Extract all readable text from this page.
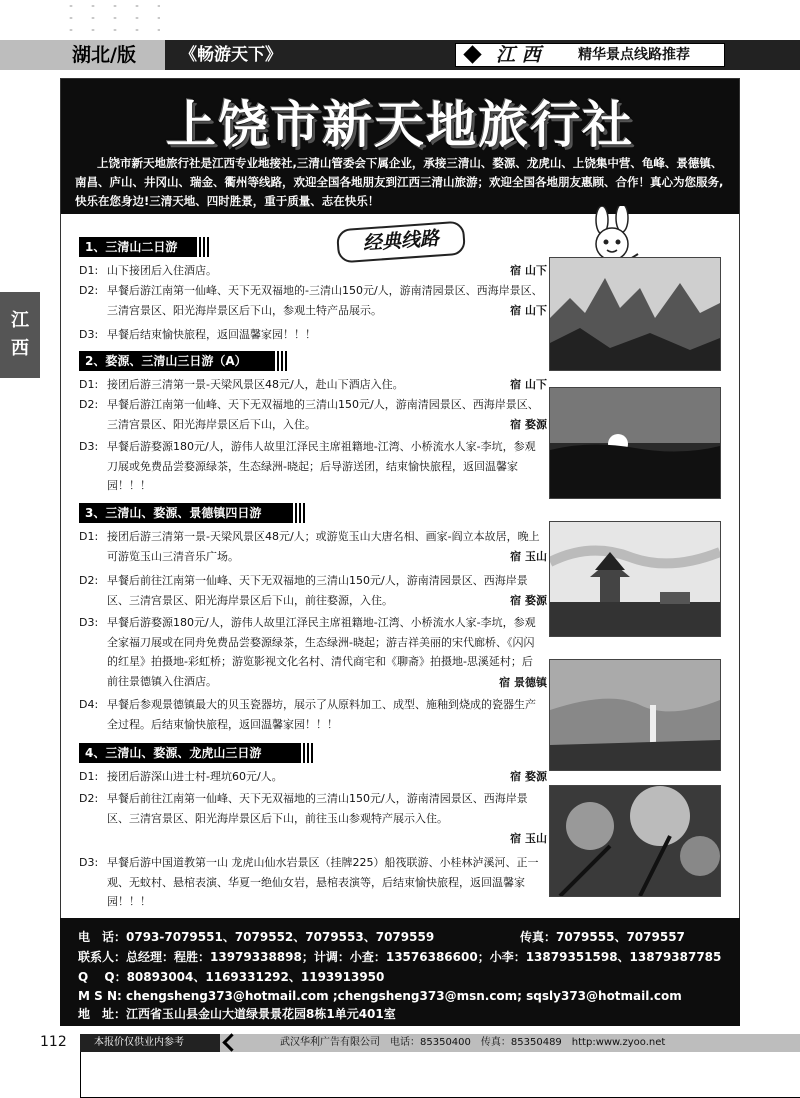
湖北/版	《畅游天下》	江 西	精华景点线路推荐
江
西
上饶市新天地旅行社
上饶市新天地旅行社是江西专业地接社,三清山管委会下属企业，承接三清山、婺源、龙虎山、上饶集中营、龟峰、景德镇、南昌、庐山、井冈山、瑞金、衢州等线路，欢迎全国各地朋友到江西三清山旅游；欢迎全国各地朋友惠顾、合作！真心为您服务,快乐在您身边!三清天地、四时胜景，重于质量、志在快乐！
经典线路
1、三清山二日游
D1: 山下接团后入住酒店。	宿 山下
D2: 早餐后游江南第一仙峰、天下无双福地的-三清山150元/人，游南清园景区、西海岸景区、三清宫景区、阳光海岸景区后下山，参观土特产品展示。	宿 山下
D3: 早餐后结束愉快旅程，返回温馨家园！！！
2、婺源、三清山三日游（A）
D1: 接团后游三清第一景-天梁风景区48元/人，赴山下酒店入住。	宿 山下
D2: 早餐后游江南第一仙峰、天下无双福地的三清山150元/人，游南清园景区、西海岸景区、三清宫景区、阳光海岸景区后下山，入住。	宿 婺源
D3: 早餐后游婺源180元/人，游伟人故里江泽民主席祖籍地-江湾、小桥流水人家-李坑，参观刀展或免费品尝婺源绿茶，生态绿洲-晓起；后导游送团，结束愉快旅程，返回温馨家园！！！
3、三清山、婺源、景德镇四日游
D1: 接团后游三清第一景-天梁风景区48元/人；或游览玉山大唐名相、画家-阎立本故居，晚上可游览玉山三清音乐广场。	宿 玉山
D2: 早餐后前往江南第一仙峰、天下无双福地的三清山150元/人，游南清园景区、西海岸景区、三清宫景区、阳光海岸景区后下山，前往婺源，入住。	宿 婺源
D3: 早餐后游婺源180元/人，游伟人故里江泽民主席祖籍地-江湾、小桥流水人家-李坑，参观全家福刀展或在同舟免费品尝婺源绿茶，生态绿洲-晓起；游吉祥美丽的宋代廊桥、《闪闪的红星》拍摄地-彩虹桥；游览影视文化名村、清代商宅和《聊斋》拍摄地-思溪延村；后前往景德镇入住酒店。	宿 景德镇
D4: 早餐后参观景德镇最大的贝玉瓷器坊，展示了从原料加工、成型、施釉到烧成的瓷器生产全过程。后结束愉快旅程，返回温馨家园！！！
4、三清山、婺源、龙虎山三日游
D1: 接团后游深山进士村-理坑60元/人。	宿 婺源
D2: 早餐后前往江南第一仙峰、天下无双福地的三清山150元/人，游南清园景区、西海岸景区、三清宫景区、阳光海岸景区后下山，前往玉山参观特产展示入住。
宿 玉山
D3: 早餐后游中国道教第一山 龙虎山仙水岩景区（挂牌225）船筏联游、小桂林泸溪河、正一观、无蚊村、悬棺表演、华夏一绝仙女岩，悬棺表演等，后结束愉快旅程，返回温馨家园！！！
电　话：0793-7079551、7079552、7079553、7079559	传真：7079555、7079557
联系人：总经理：程胜：13979338898；计调：小查：13576386600；小李：13879351598、13879387785
Q　 Q：80893004、1169331292、1193913950
M S N: chengsheng373@hotmail.com ;chengsheng373@msn.com; sqsly373@hotmail.com
地　址：江西省玉山县金山大道绿景景花园8栋1单元401室
112	本报价仅供业内参考	武汉华利广告有限公司　电话：85350400　传真：85350489　http:www.zyoo.net
